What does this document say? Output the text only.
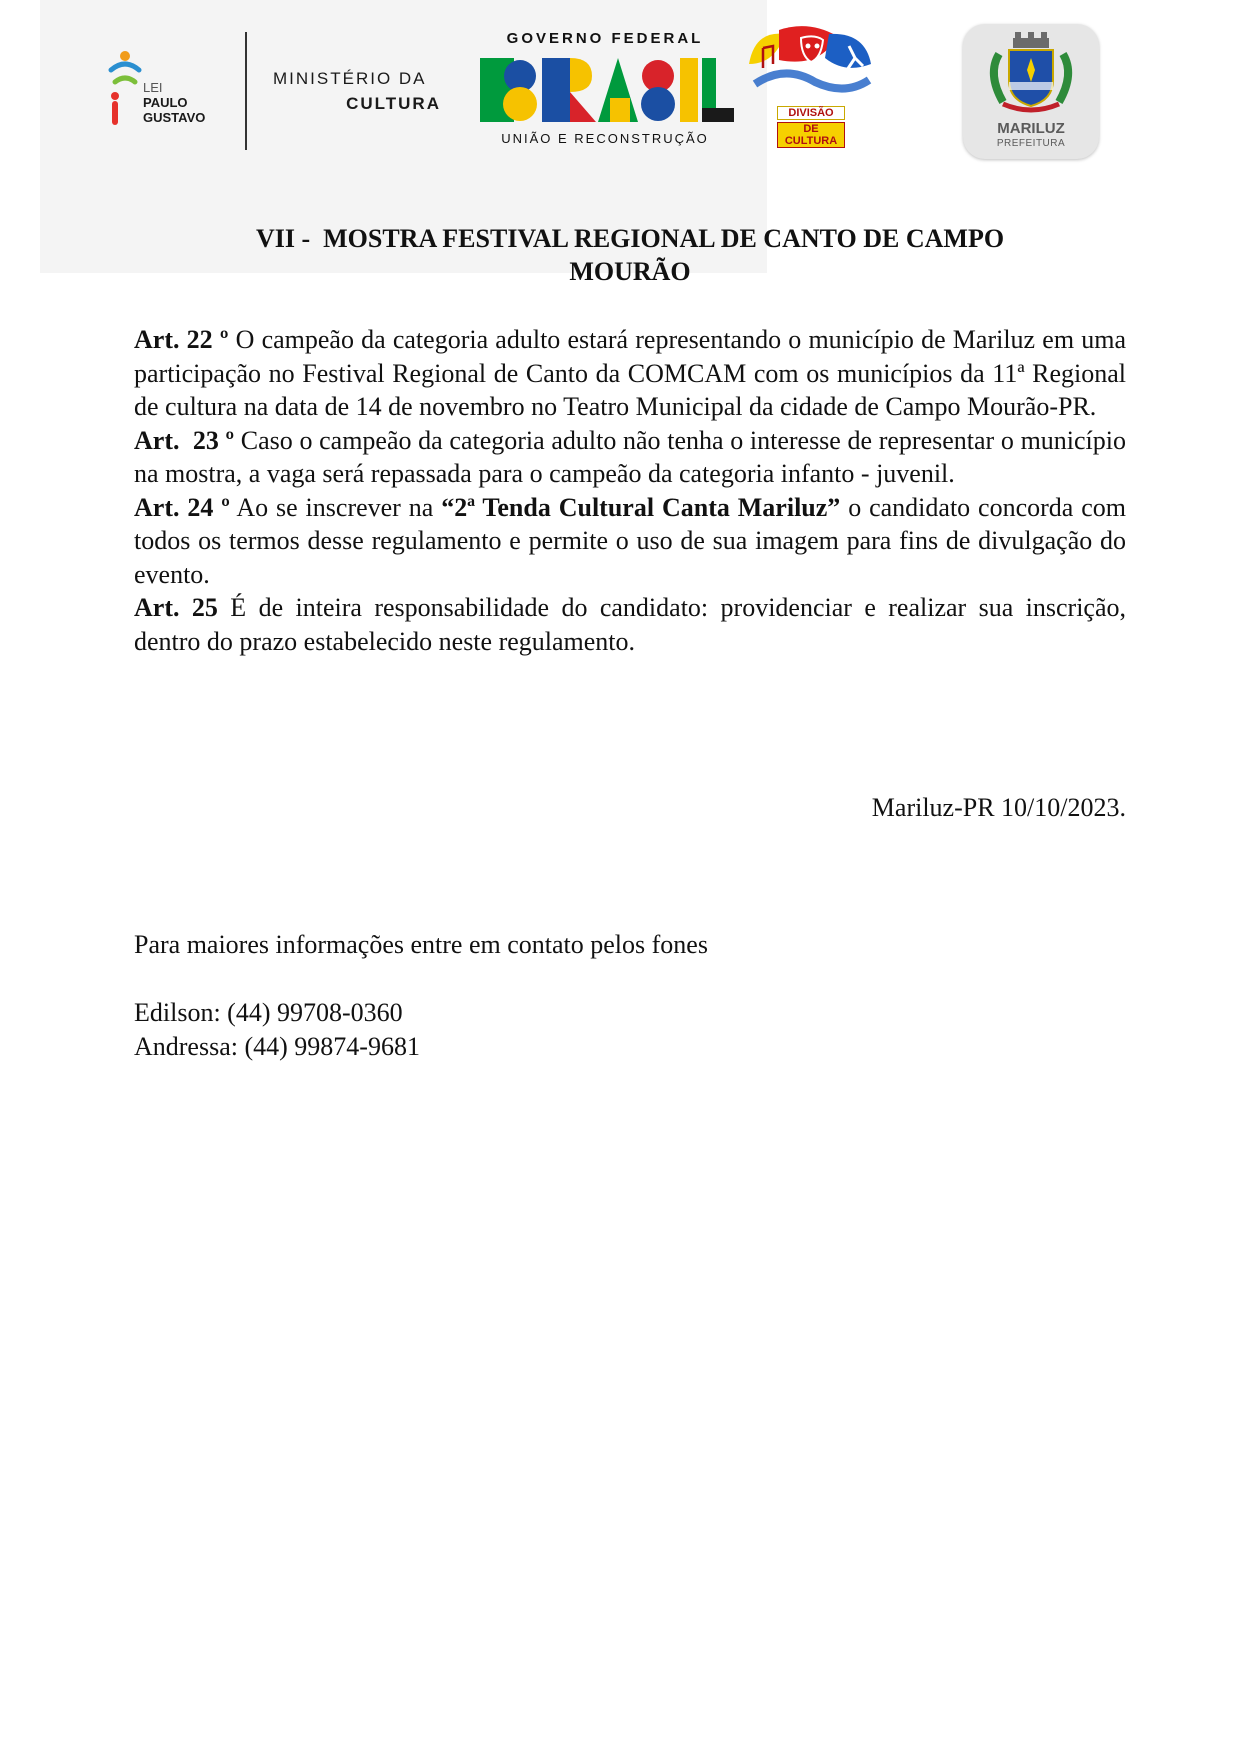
LEI
PAULO
GUSTAVO
MINISTÉRIO DA
CULTURA
GOVERNO FEDERAL
UNIÃO E RECONSTRUÇÃO
DIVISÃO
DE CULTURA
MARILUZ
PREFEITURA
VII -  MOSTRA FESTIVAL REGIONAL DE CANTO DE CAMPO
MOURÃO

Art. 22 º O campeão da categoria adulto estará representando o município de Mariluz em uma participação no Festival Regional de Canto da COMCAM com os municípios da 11ª Regional de cultura na data de 14 de novembro no Teatro Municipal da cidade de Campo Mourão-PR.

Art.  23 º Caso o campeão da categoria adulto não tenha o interesse de representar o município na mostra, a vaga será repassada para o campeão da categoria infanto - juvenil.

Art. 24 º Ao se inscrever na “2ª Tenda Cultural Canta Mariluz” o candidato concorda com todos os termos desse regulamento e permite o uso de sua imagem para fins de divulgação do evento.

Art. 25 É de inteira responsabilidade do candidato: providenciar e realizar sua inscrição, dentro do prazo estabelecido neste regulamento.

Mariluz-PR 10/10/2023.
Para maiores informações entre em contato pelos fones
Edilson: (44) 99708-0360
Andressa: (44) 99874-9681
